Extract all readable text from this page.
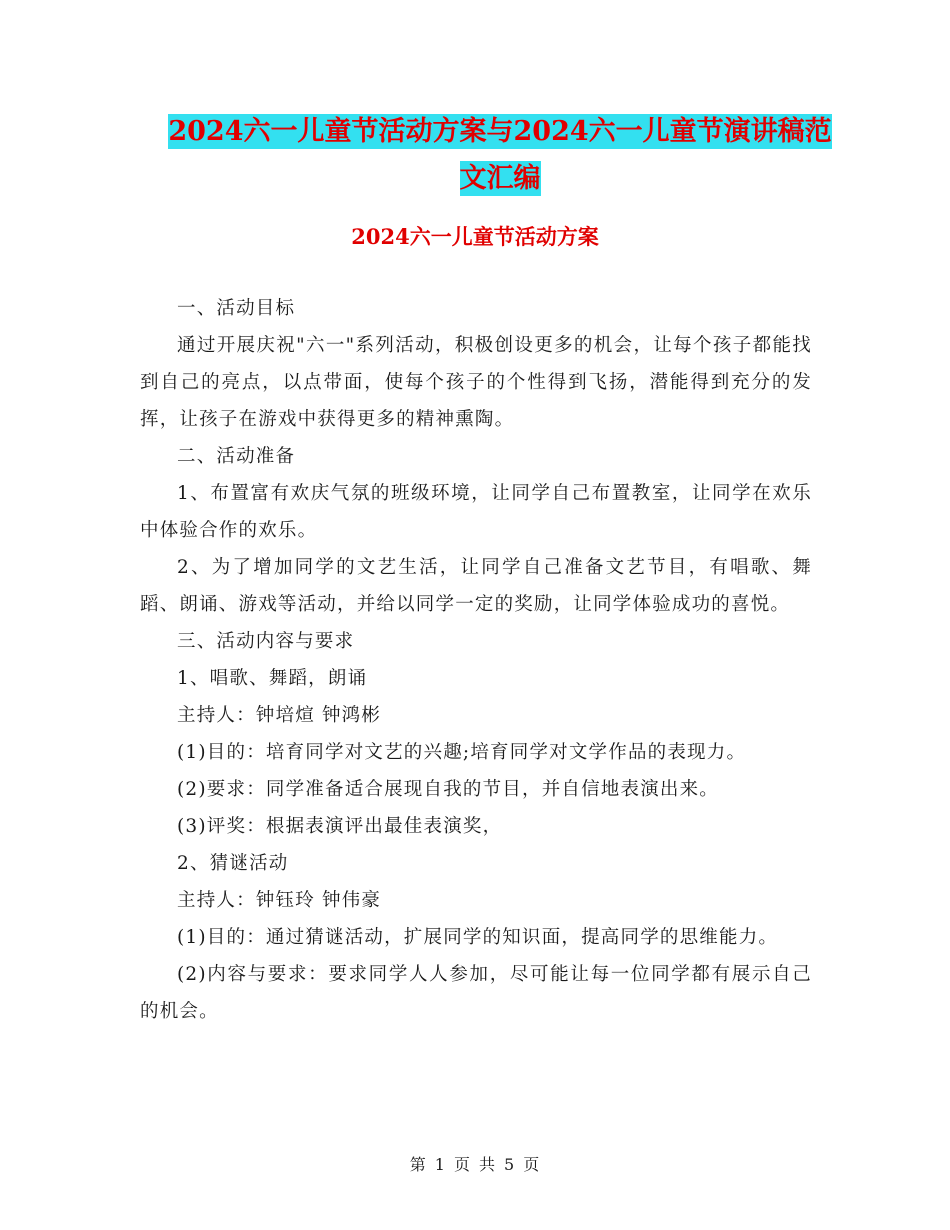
2024六一儿童节活动方案与2024六一儿童节演讲稿范
文汇编
2024六一儿童节活动方案

一、活动目标

通过开展庆祝"六一"系列活动，积极创设更多的机会，让每个孩子都能找到自己的亮点，以点带面，使每个孩子的个性得到飞扬，潜能得到充分的发挥，让孩子在游戏中获得更多的精神熏陶。

二、活动准备

1、布置富有欢庆气氛的班级环境，让同学自己布置教室，让同学在欢乐中体验合作的欢乐。

2、为了增加同学的文艺生活，让同学自己准备文艺节目，有唱歌、舞蹈、朗诵、游戏等活动，并给以同学一定的奖励，让同学体验成功的喜悦。

三、活动内容与要求

1、唱歌、舞蹈，朗诵

主持人：钟培煊 钟鸿彬

(1)目的：培育同学对文艺的兴趣;培育同学对文学作品的表现力。

(2)要求：同学准备适合展现自我的节目，并自信地表演出来。

(3)评奖：根据表演评出最佳表演奖，

2、猜谜活动

主持人：钟钰玲 钟伟豪

(1)目的：通过猜谜活动，扩展同学的知识面，提高同学的思维能力。

(2)内容与要求：要求同学人人参加，尽可能让每一位同学都有展示自己的机会。

第 1 页 共 5 页
